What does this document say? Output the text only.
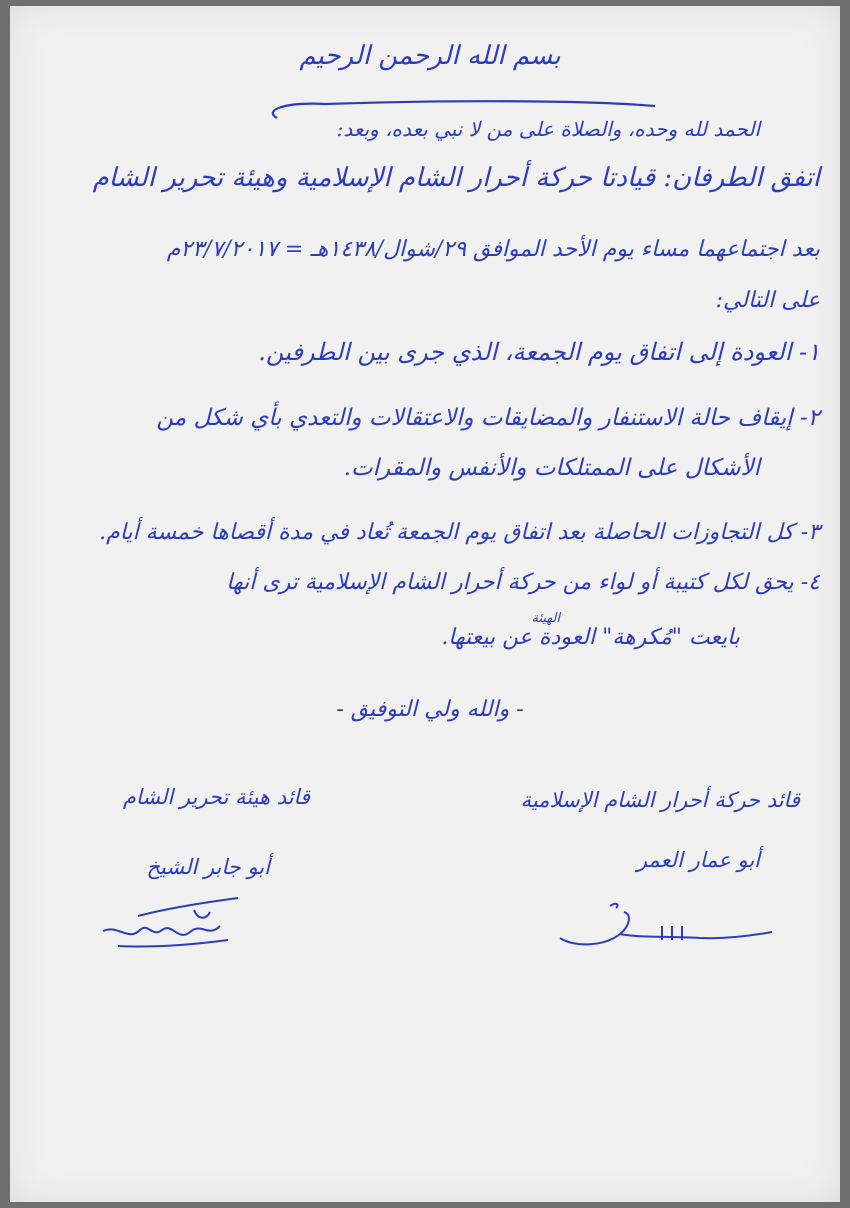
بسم الله الرحمن الرحيم
الحمد لله وحده، والصلاة على من لا نبي بعده، وبعد:
اتفق الطرفان: قيادتا حركة أحرار الشام الإسلامية وهيئة تحرير الشام
بعد اجتماعهما مساء يوم الأحد الموافق ٢٩/شوال/١٤٣٨هـ = ٢٣/٧/٢٠١٧م
على التالي:
١- العودة إلى اتفاق يوم الجمعة، الذي جرى بين الطرفين.
٢- إيقاف حالة الاستنفار والمضايقات والاعتقالات والتعدي بأي شكل من
الأشكال على الممتلكات والأنفس والمقرات.
٣- كل التجاوزات الحاصلة بعد اتفاق يوم الجمعة تُعاد في مدة أقصاها خمسة أيام.
٤- يحق لكل كتيبة أو لواء من حركة أحرار الشام الإسلامية ترى أنها
الهيئة
بايعت "مُكرهة" العودة عن بيعتها.
- والله ولي التوفيق -
قائد حركة أحرار الشام الإسلامية
قائد هيئة تحرير الشام
أبو عمار العمر
أبو جابر الشيخ
